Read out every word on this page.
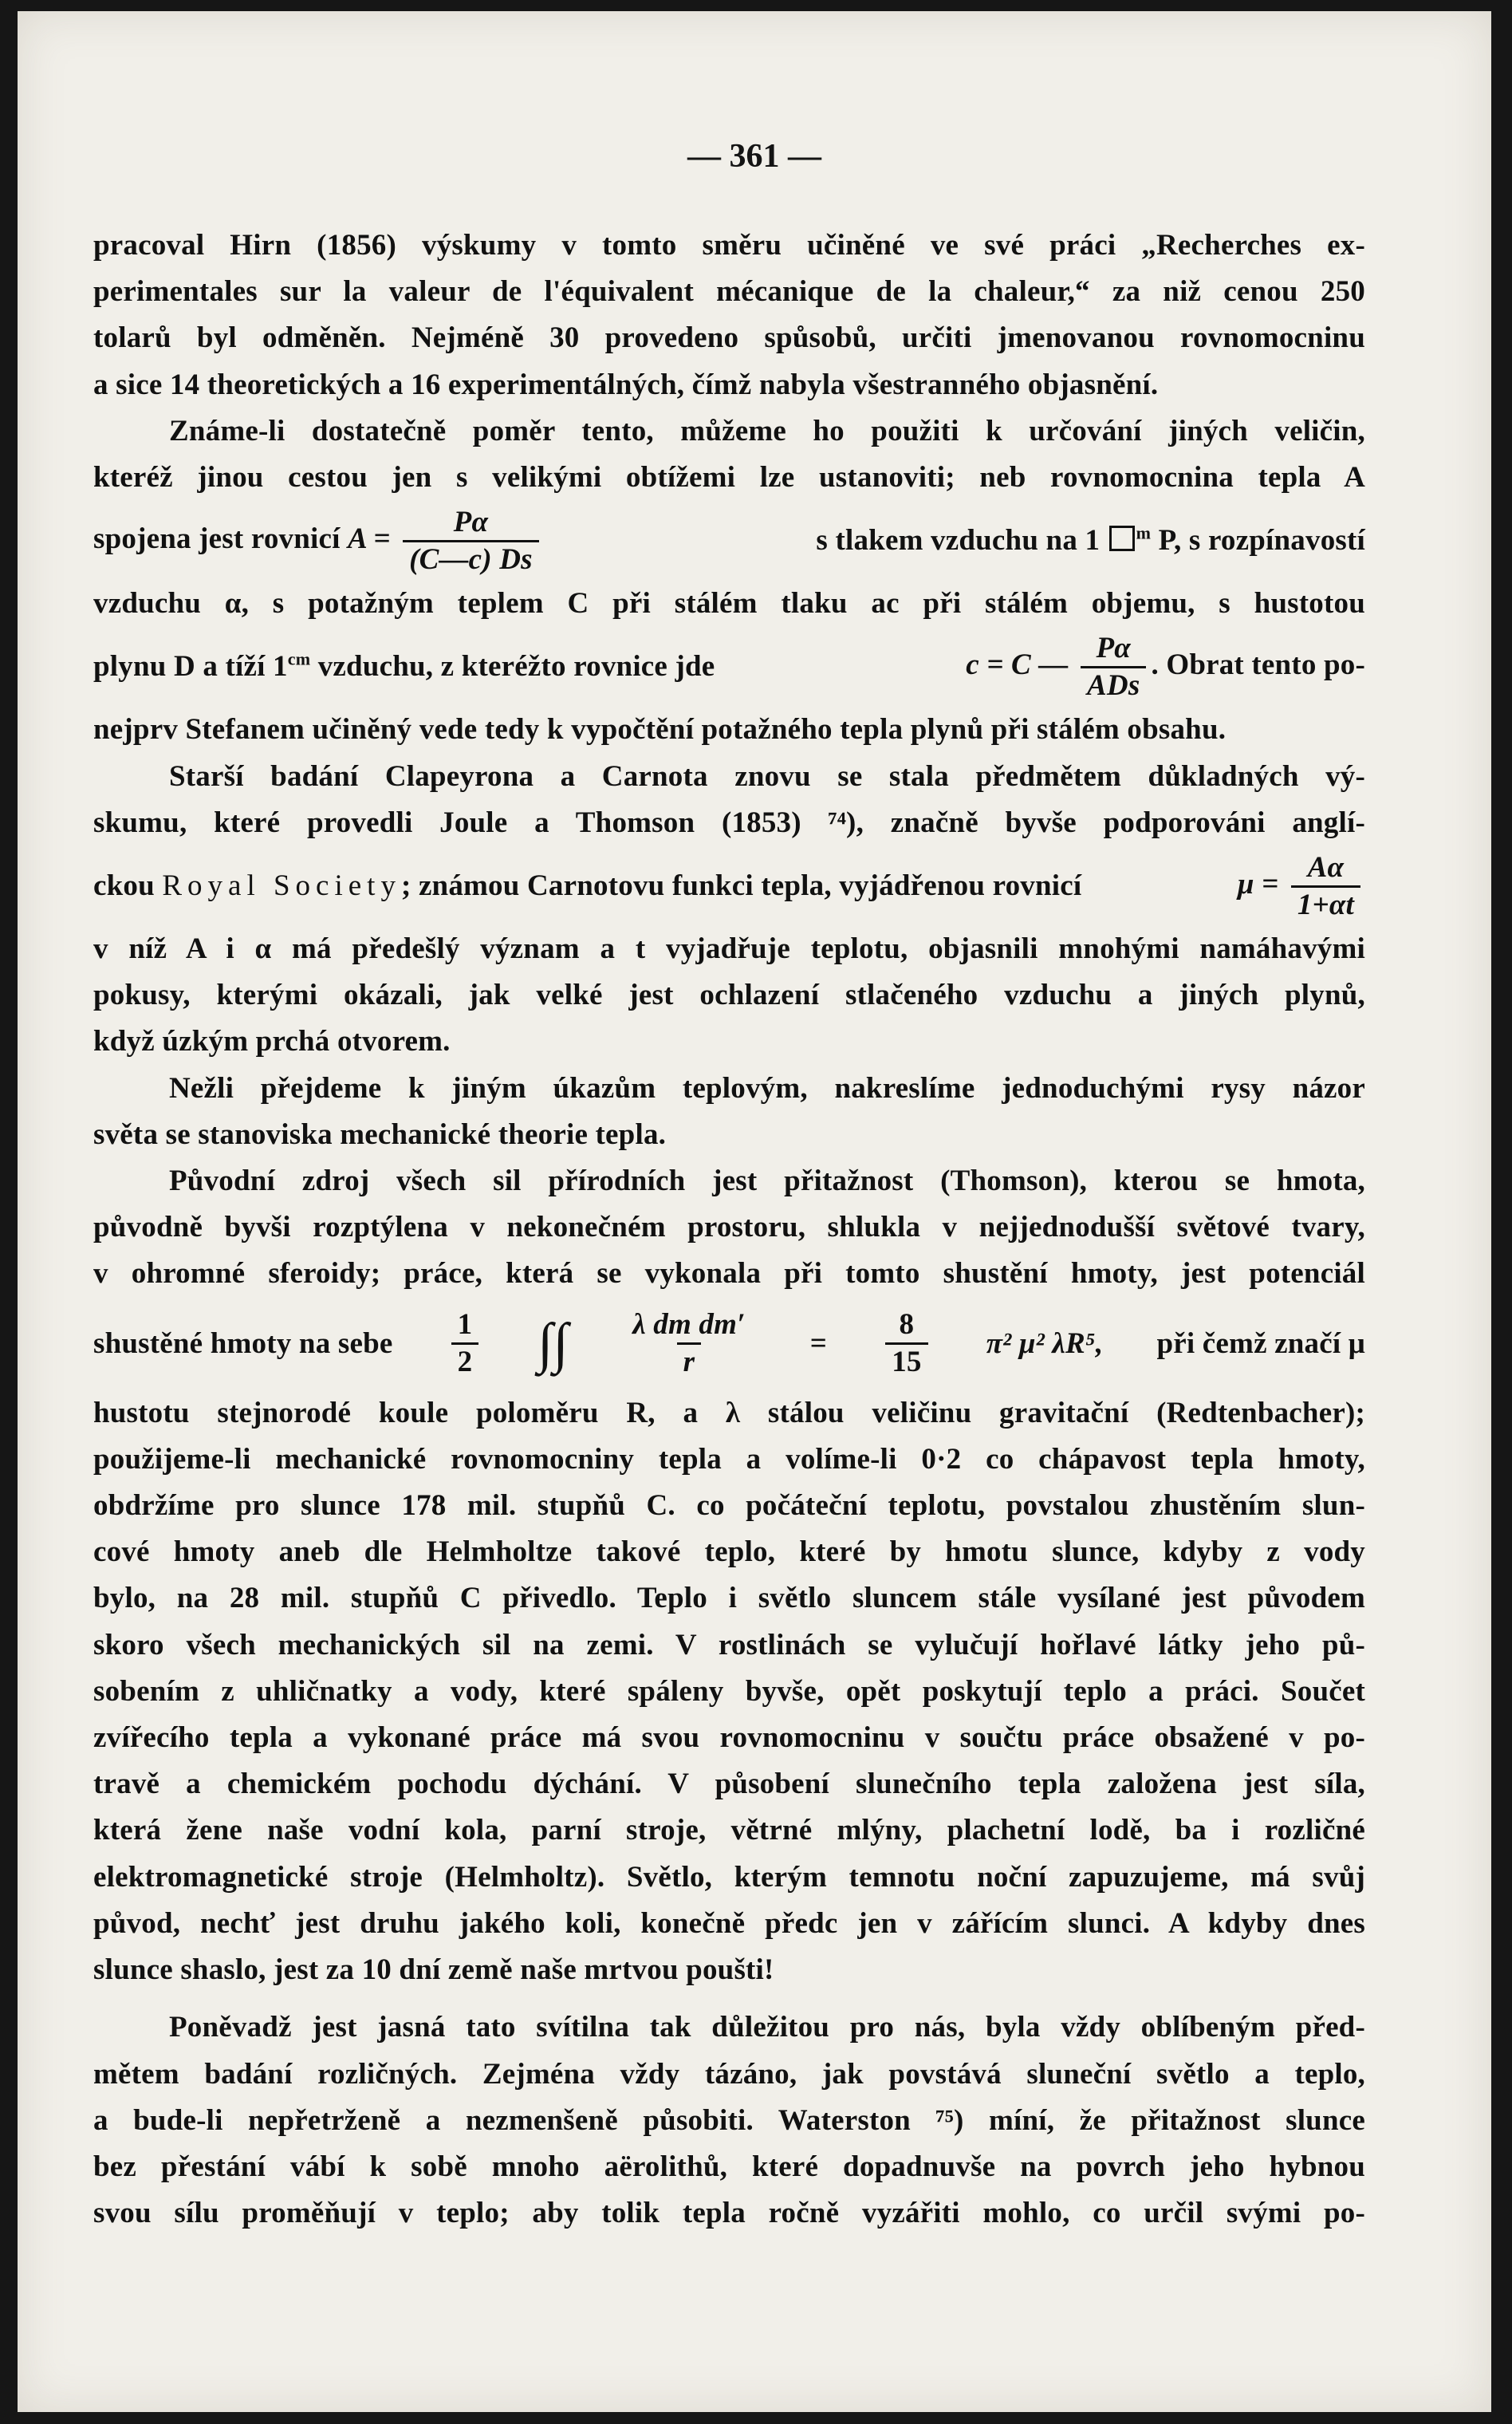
— 361 —

pracoval Hirn (1856) výskumy v tomto směru učiněné ve své práci „Recherches ex-
perimentales sur la valeur de l'équivalent mécanique de la chaleur,“ za niž cenou 250
tolarů byl odměněn. Nejméně 30 provedeno spůsobů, určiti jmenovanou rovnomocninu
a sice 14 theoretických a 16 experimentálných, čímž nabyla všestranného objasnění.

Známe-li dostatečně poměr tento, můžeme ho použiti k určování jiných veličin,
kteréž jinou cestou jen s velikými obtížemi lze ustanoviti; neb rovnomocnina tepla A
spojena jest rovnicí $A = \frac{P\alpha}{(C—c) Ds}$	s tlakem vzduchu na 1 $^m$ P, s rozpínavostí
vzduchu α, s potažným teplem C při stálém tlaku ac při stálém objemu, s hustotou
plynu D a tíží $1^{cm}$ vzduchu, z kteréžto rovnice jde	c = C — $\frac{P\alpha}{\text{ADs}}$ . Obrat tento po-
nejprv Stefanem učiněný vede tedy k vypočtění potažného tepla plynů při stálém obsahu.

Starší badání Clapeyrona a Carnota znovu se stala předmětem důkladných vý-
skumu, které provedli Joule a Thomson (1853) ⁷⁴), značně byvše podporováni anglí-
ckou Royal Society; známou Carnotovu funkci tepla, vyjádřenou rovnicí	$\mu = \frac{A\alpha}{1+\alpha t}$
v níž A i α má předešlý význam a t vyjadřuje teplotu, objasnili mnohými namáhavými
pokusy, kterými okázali, jak velké jest ochlazení stlačeného vzduchu a jiných plynů,
když úzkým prchá otvorem.

Nežli přejdeme k jiným úkazům teplovým, nakreslíme jednoduchými rysy názor
světa se stanoviska mechanické theorie tepla.

Původní zdroj všech sil přírodních jest přitažnost (Thomson), kterou se hmota,
původně byvši rozptýlena v nekonečném prostoru, shlukla v nejjednodušší světové tvary,
v ohromné sferoidy; práce, která se vykonala při tomto shustění hmoty, jest potenciál
shustěné hmoty na sebe $\frac{1}{2}$ ∫∫ $\frac{\text{λ dm dm′}}{r} = \frac{8}{15} \pi^2$ μ² λR⁵, při čemž značí μ
hustotu stejnorodé koule poloměru R, a λ stálou veličinu gravitační (Redtenbacher);
použijeme-li mechanické rovnomocniny tepla a volíme-li 0·2 co chápavost tepla hmoty,
obdržíme pro slunce 178 mil. stupňů C. co počáteční teplotu, povstalou zhustěním slun-
cové hmoty aneb dle Helmholtze takové teplo, které by hmotu slunce, kdyby z vody
bylo, na 28 mil. stupňů C přivedlo. Teplo i světlo sluncem stále vysílané jest původem
skoro všech mechanických sil na zemi. V rostlinách se vylučují hořlavé látky jeho pů-
sobením z uhličnatky a vody, které spáleny byvše, opět poskytují teplo a práci. Součet
zvířecího tepla a vykonané práce má svou rovnomocninu v součtu práce obsažené v po-
travě a chemickém pochodu dýchání. V působení slunečního tepla založena jest síla,
která žene naše vodní kola, parní stroje, větrné mlýny, plachetní lodě, ba i rozličné
elektromagnetické stroje (Helmholtz). Světlo, kterým temnotu noční zapuzujeme, má svůj
původ, nechť jest druhu jakého koli, konečně předc jen v zářícím slunci. A kdyby dnes
slunce shaslo, jest za 10 dní země naše mrtvou poušti!

Poněvadž jest jasná tato svítilna tak důležitou pro nás, byla vždy oblíbeným před-
mětem badání rozličných. Zejména vždy tázáno, jak povstává sluneční světlo a teplo,
a bude-li nepřetrženě a nezmenšeně působiti. Waterston ⁷⁵) míní, že přitažnost slunce
bez přestání vábí k sobě mnoho aërolithů, které dopadnuvše na povrch jeho hybnou
svou sílu proměňují v teplo; aby tolik tepla ročně vyzářiti mohlo, co určil svými po-
